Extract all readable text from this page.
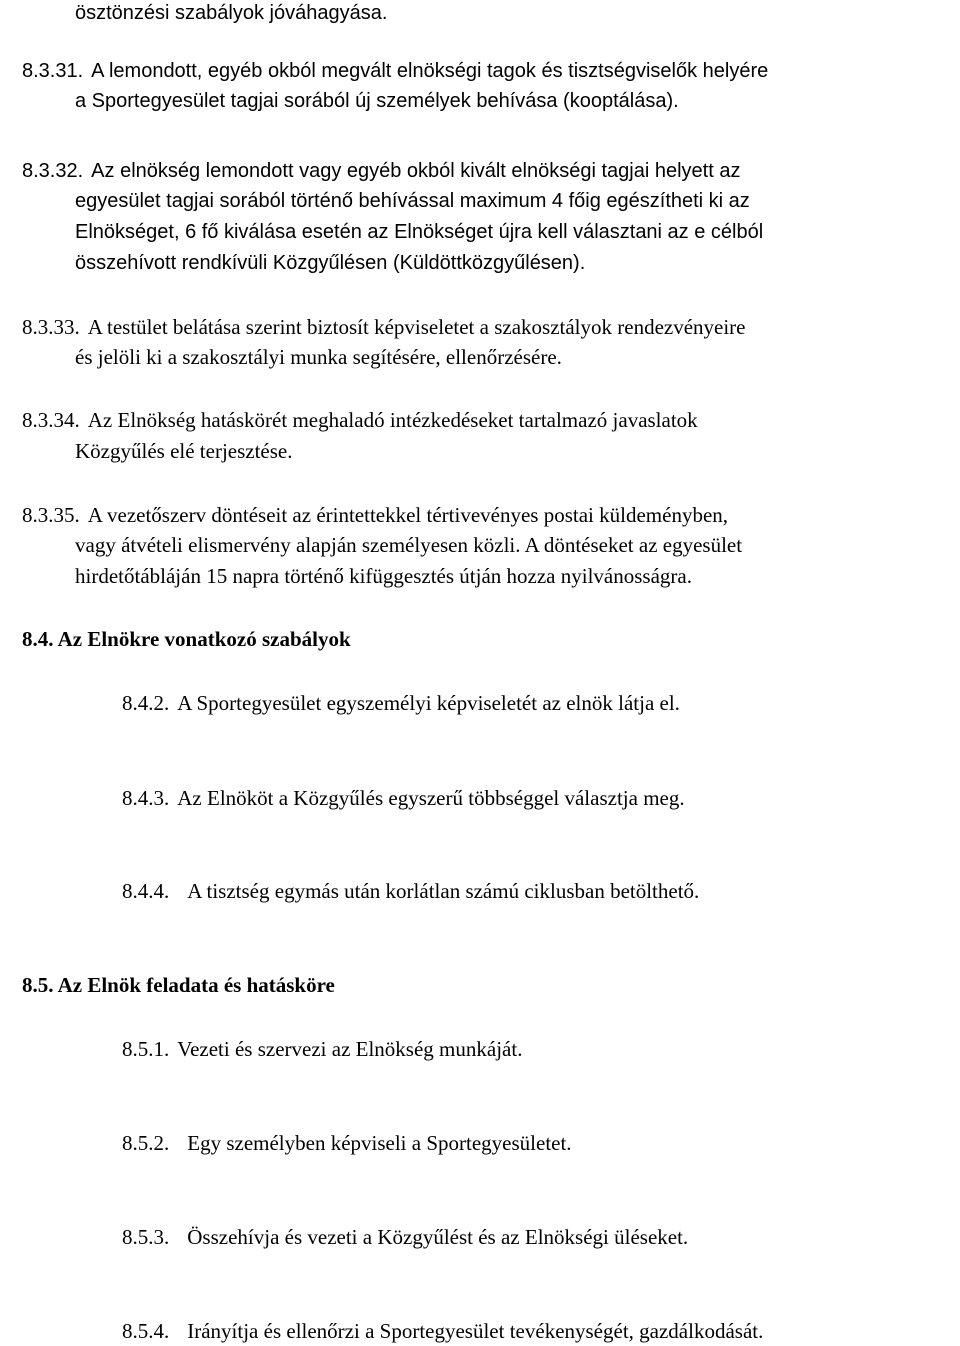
ösztönzési szabályok jóváhagyása.

8.3.31. A lemondott, egyéb okból megvált elnökségi tagok és tisztségviselők helyére

a Sportegyesület tagjai sorából új személyek behívása (kooptálása).

8.3.32. Az elnökség lemondott vagy egyéb okból kivált elnökségi tagjai helyett az

egyesület tagjai sorából történő behívással maximum 4 főig egészítheti ki az

Elnökséget, 6 fő kiválása esetén az Elnökséget újra kell választani az e célból

összehívott rendkívüli Közgyűlésen (Küldöttközgyűlésen).

8.3.33. A testület belátása szerint biztosít képviseletet a szakosztályok rendezvényeire

és jelöli ki a szakosztályi munka segítésére, ellenőrzésére.

8.3.34. Az Elnökség hatáskörét meghaladó intézkedéseket tartalmazó javaslatok

Közgyűlés elé terjesztése.

8.3.35. A vezetőszerv döntéseit az érintettekkel tértivevényes postai küldeményben,

vagy átvételi elismervény alapján személyesen közli. A döntéseket az egyesület

hirdetőtábláján 15 napra történő kifüggesztés útján hozza nyilvánosságra.

8.4. Az Elnökre vonatkozó szabályok

8.4.2. A Sportegyesület egyszemélyi képviseletét az elnök látja el.

8.4.3. Az Elnököt a Közgyűlés egyszerű többséggel választja meg.

8.4.4. A tisztség egymás után korlátlan számú ciklusban betölthető.

8.5. Az Elnök feladata és hatásköre

8.5.1. Vezeti és szervezi az Elnökség munkáját.

8.5.2. Egy személyben képviseli a Sportegyesületet.

8.5.3. Összehívja és vezeti a Közgyűlést és az Elnökségi üléseket.

8.5.4. Irányítja és ellenőrzi a Sportegyesület tevékenységét, gazdálkodását.
